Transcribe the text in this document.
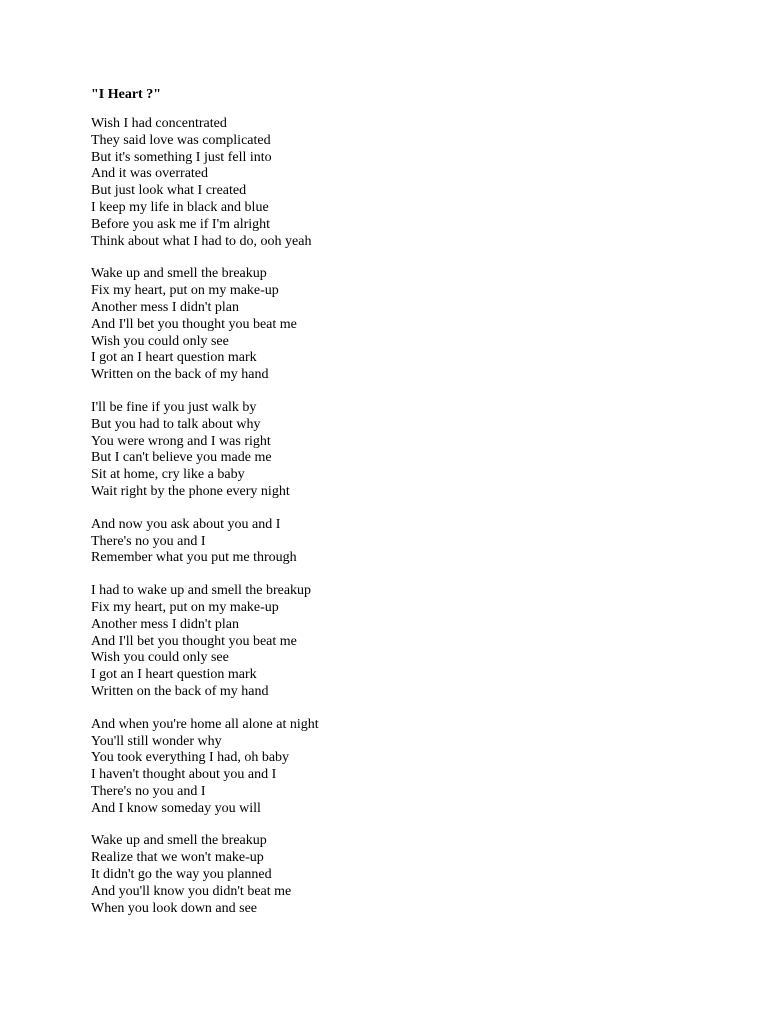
"I Heart ?"
Wish I had concentrated
They said love was complicated
But it's something I just fell into
And it was overrated
But just look what I created
I keep my life in black and blue
Before you ask me if I'm alright
Think about what I had to do, ooh yeah
Wake up and smell the breakup
Fix my heart, put on my make-up
Another mess I didn't plan
And I'll bet you thought you beat me
Wish you could only see
I got an I heart question mark
Written on the back of my hand
I'll be fine if you just walk by
But you had to talk about why
You were wrong and I was right
But I can't believe you made me
Sit at home, cry like a baby
Wait right by the phone every night
And now you ask about you and I
There's no you and I
Remember what you put me through
I had to wake up and smell the breakup
Fix my heart, put on my make-up
Another mess I didn't plan
And I'll bet you thought you beat me
Wish you could only see
I got an I heart question mark
Written on the back of my hand
And when you're home all alone at night
You'll still wonder why
You took everything I had, oh baby
I haven't thought about you and I
There's no you and I
And I know someday you will
Wake up and smell the breakup
Realize that we won't make-up
It didn't go the way you planned
And you'll know you didn't beat me
When you look down and see
